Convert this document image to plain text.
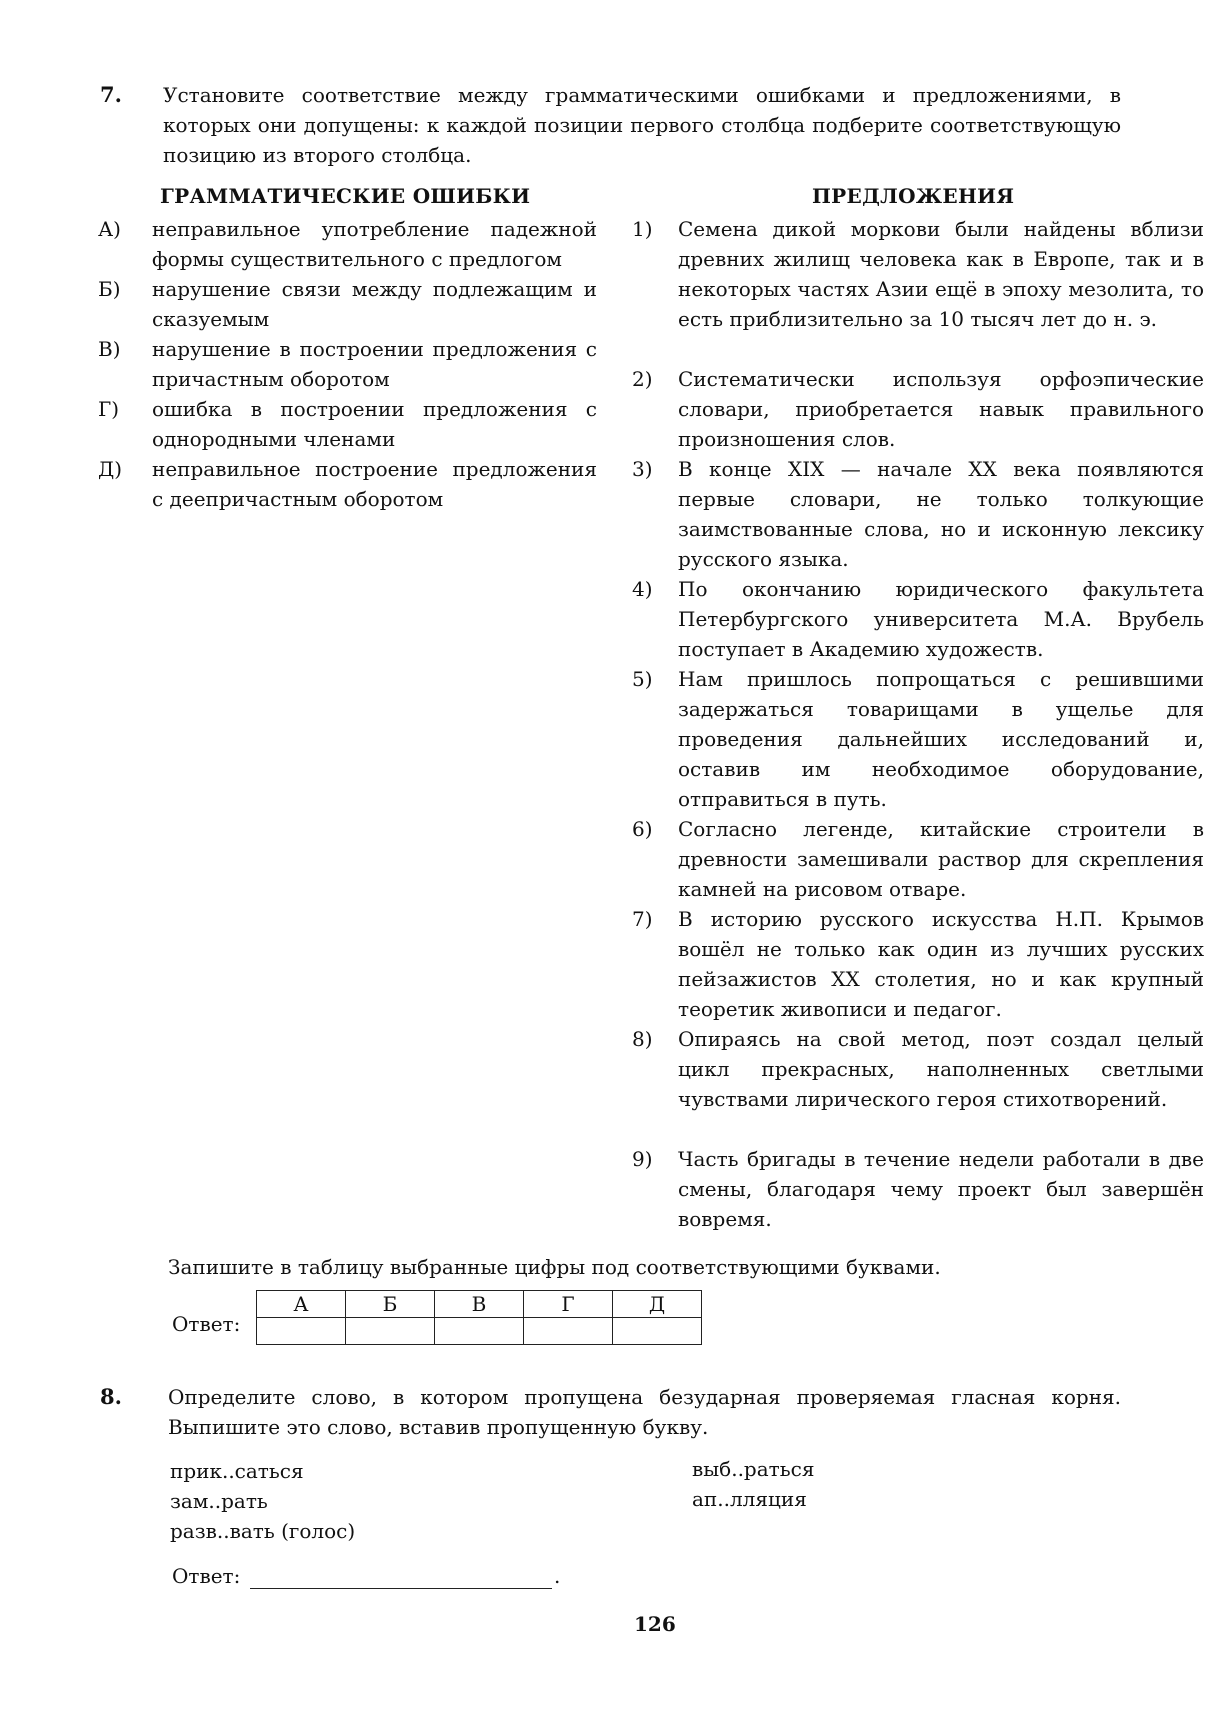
7. Установите соответствие между грамматическими ошибками и предложениями, в которых они допущены: к каждой позиции первого столбца подберите соответствующую позицию из второго столбца.
ГРАММАТИЧЕСКИЕ ОШИБКИ	ПРЕДЛОЖЕНИЯ
А) неправильное употребление падежной формы существительного с предлогом
Б) нарушение связи между подлежащим и сказуемым
В) нарушение в построении предложения с причастным оборотом
Г) ошибка в построении предложения с однородными членами
Д) неправильное построение предложения с деепричастным оборотом
1) Семена дикой моркови были найдены вблизи древних жилищ человека как в Европе, так и в некоторых частях Азии ещё в эпоху мезолита, то есть приблизительно за 10 тысяч лет до н. э.
2) Систематически используя орфоэпические словари, приобретается навык правильного произношения слов.
3) В конце XIX — начале XX века появляются первые словари, не только толкующие заимствованные слова, но и исконную лексику русского языка.
4) По окончанию юридического факультета Петербургского университета М.А. Врубель поступает в Академию художеств.
5) Нам пришлось попрощаться с решившими задержаться товарищами в ущелье для проведения дальнейших исследований и, оставив им необходимое оборудование, отправиться в путь.
6) Согласно легенде, китайские строители в древности замешивали раствор для скрепления камней на рисовом отваре.
7) В историю русского искусства Н.П. Крымов вошёл не только как один из лучших русских пейзажистов XX столетия, но и как крупный теоретик живописи и педагог.
8) Опираясь на свой метод, поэт создал целый цикл прекрасных, наполненных светлыми чувствами лирического героя стихотворений.
9) Часть бригады в течение недели работали в две смены, благодаря чему проект был завершён вовремя.
Запишите в таблицу выбранные цифры под соответствующими буквами.
Ответ:
А	Б	В	Г	Д

8. Определите слово, в котором пропущена безударная проверяемая гласная корня. Выпишите это слово, вставив пропущенную букву.
прик..саться
зам..рать
разв..вать (голос)
выб..раться
ап..лляция
Ответ:	.
126
